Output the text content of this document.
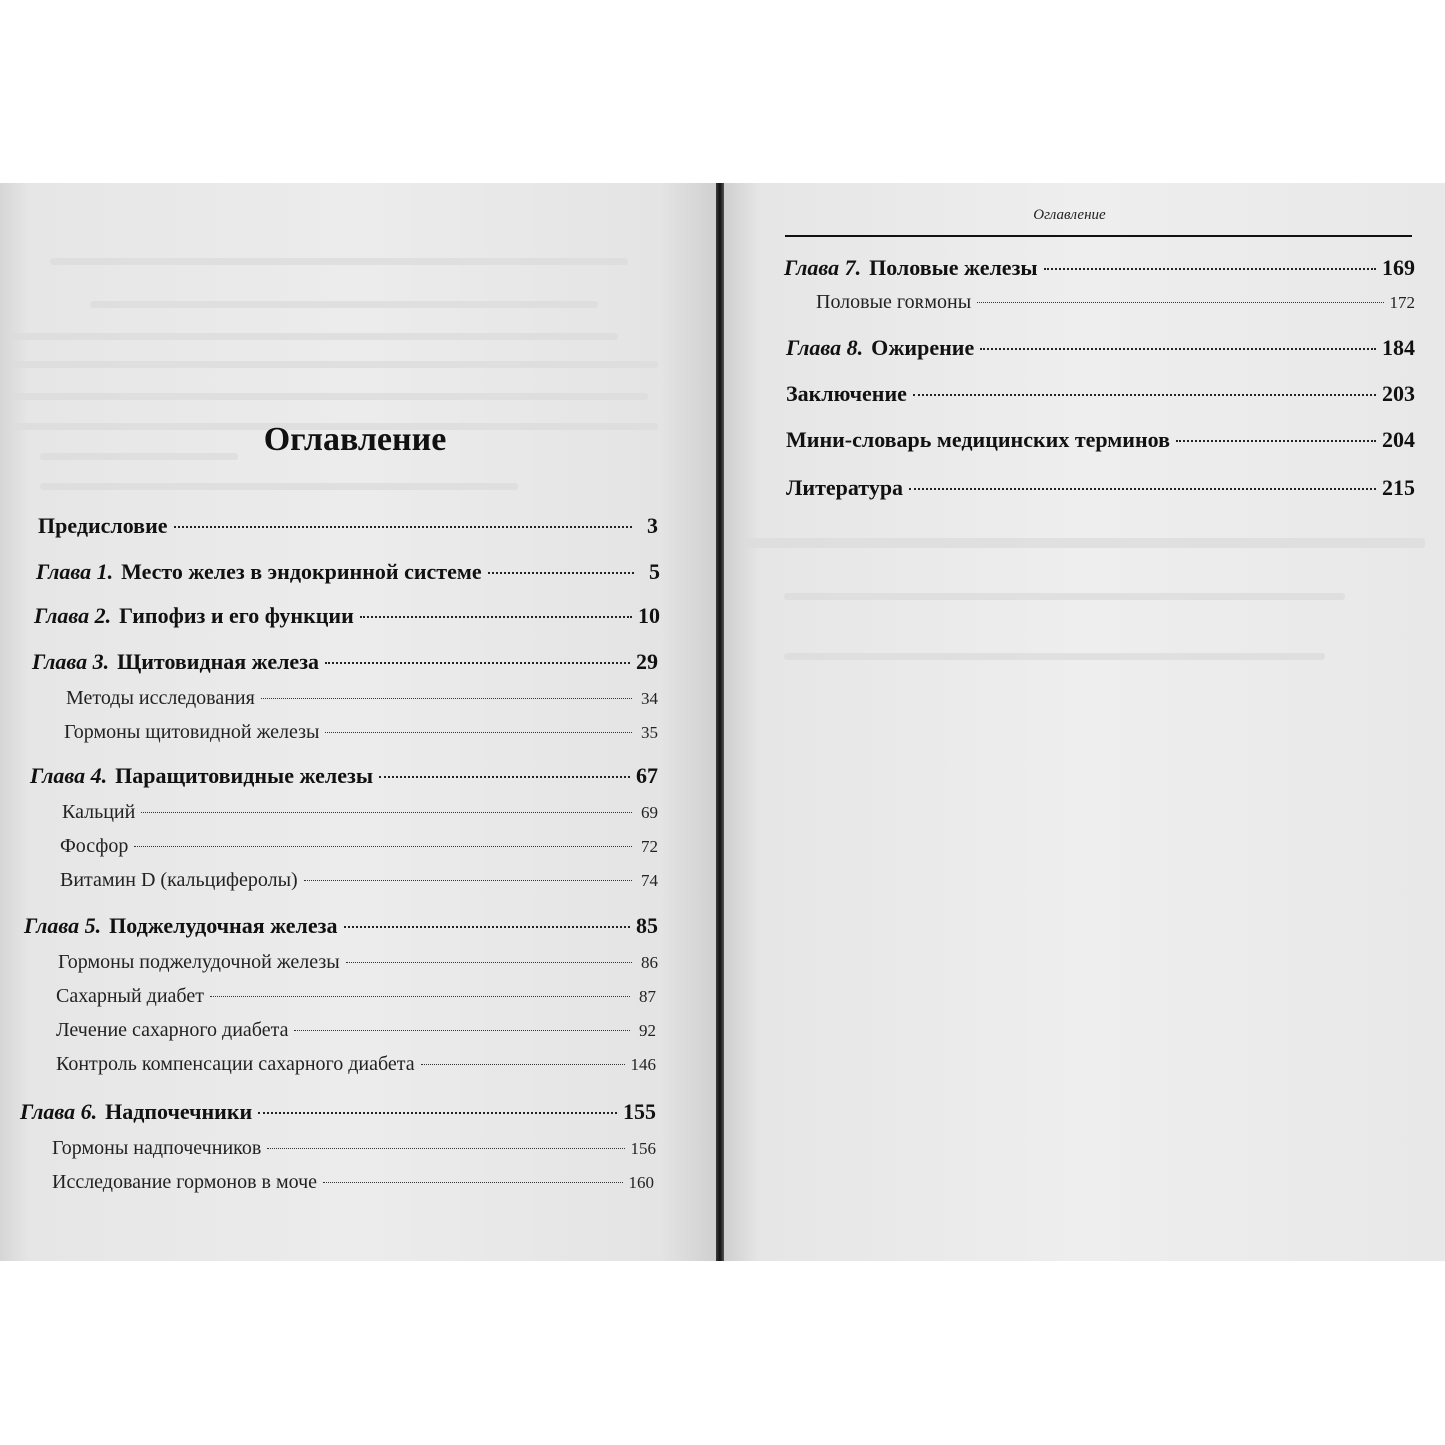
Оглавление
Предисловие	3
Глава 1. Место желез в эндокринной системе	5
Глава 2. Гипофиз и его функции	10
Глава 3. Щитовидная железа	29
Методы исследования	34
Гормоны щитовидной железы	35
Глава 4. Паращитовидные железы	67
Кальций	69
Фосфор	72
Витамин D (кальциферолы)	74
Глава 5. Поджелудочная железа	85
Гормоны поджелудочной железы	86
Сахарный диабет	87
Лечение сахарного диабета	92
Контроль компенсации сахарного диабета	146
Глава 6. Надпочечники	155
Гормоны надпочечников	156
Исследование гормонов в моче	160
Оглавление
Глава 7. Половые железы	169
Половые гоʀмоны	172
Глава 8. Ожирение	184
Заключение	203
Мини-словарь медицинских терминов	204
Литература	215
